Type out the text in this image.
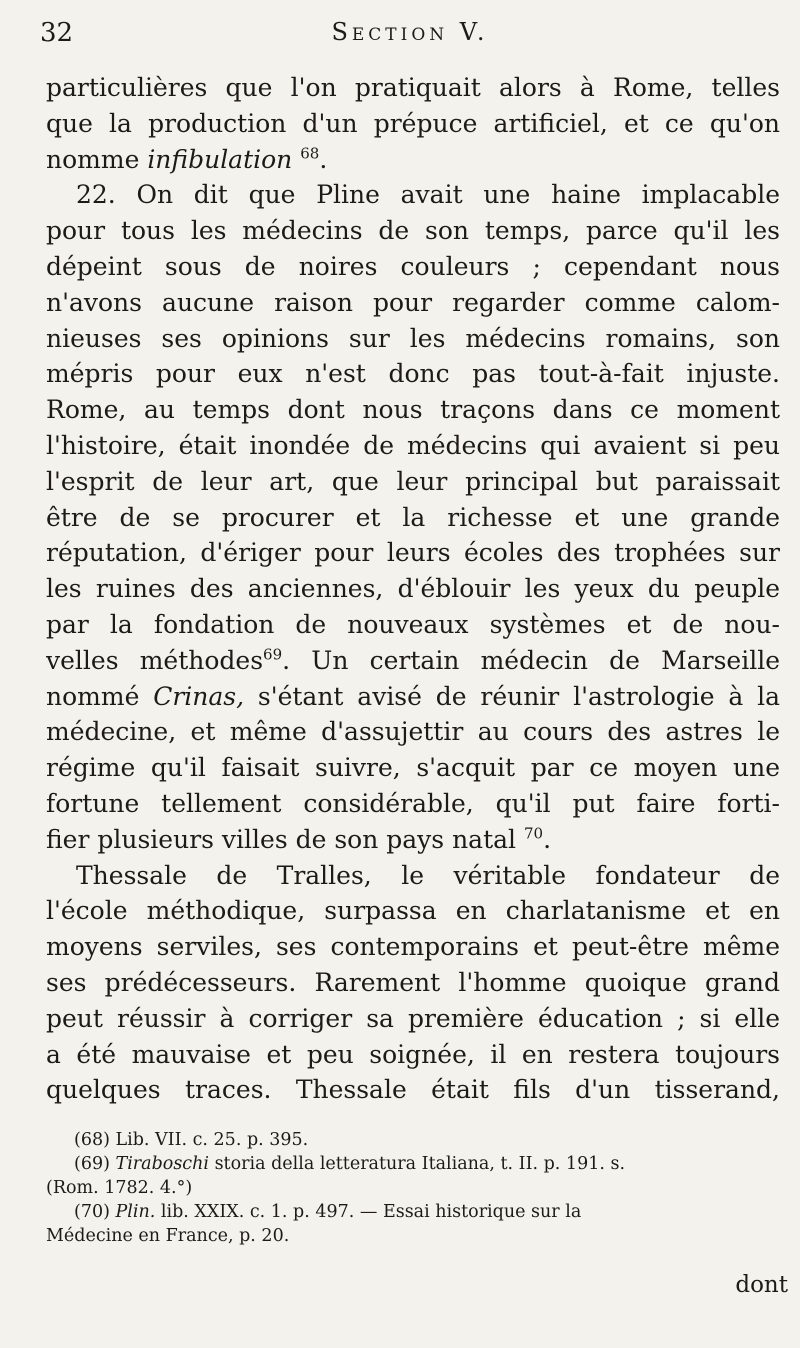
32	Section V.
particulières que l'on pratiquait alors à Rome, telles
que la production d'un prépuce artificiel, et ce qu'on
nomme infibulation $^{68}$.
22. On dit que Pline avait une haine implacable
pour tous les médecins de son temps, parce qu'il les
dépeint sous de noires couleurs ; cependant nous
n'avons aucune raison pour regarder comme calom-
nieuses ses opinions sur les médecins romains, son
mépris pour eux n'est donc pas tout-à-fait injuste.
Rome, au temps dont nous traçons dans ce moment
l'histoire, était inondée de médecins qui avaient si peu
l'esprit de leur art, que leur principal but paraissait
être de se procurer et la richesse et une grande
réputation, d'ériger pour leurs écoles des trophées sur
les ruines des anciennes, d'éblouir les yeux du peuple
par la fondation de nouveaux systèmes et de nou-
velles méthodes$^{69}$. Un certain médecin de Marseille
nommé Crinas, s'étant avisé de réunir l'astrologie à la
médecine, et même d'assujettir au cours des astres le
régime qu'il faisait suivre, s'acquit par ce moyen une
fortune tellement considérable, qu'il put faire forti-
fier plusieurs villes de son pays natal $^{70}$.
Thessale de Tralles, le véritable fondateur de
l'école méthodique, surpassa en charlatanisme et en
moyens serviles, ses contemporains et peut-être même
ses prédécesseurs. Rarement l'homme quoique grand
peut réussir à corriger sa première éducation ; si elle
a été mauvaise et peu soignée, il en restera toujours
quelques traces. Thessale était fils d'un tisserand,
(68) Lib. VII. c. 25. p. 395.
(69) Tiraboschi storia della letteratura Italiana, t. II. p. 191. s.
(Rom. 1782. 4.°)
(70) Plin. lib. XXIX. c. 1. p. 497. — Essai historique sur la
Médecine en France, p. 20.
dont
